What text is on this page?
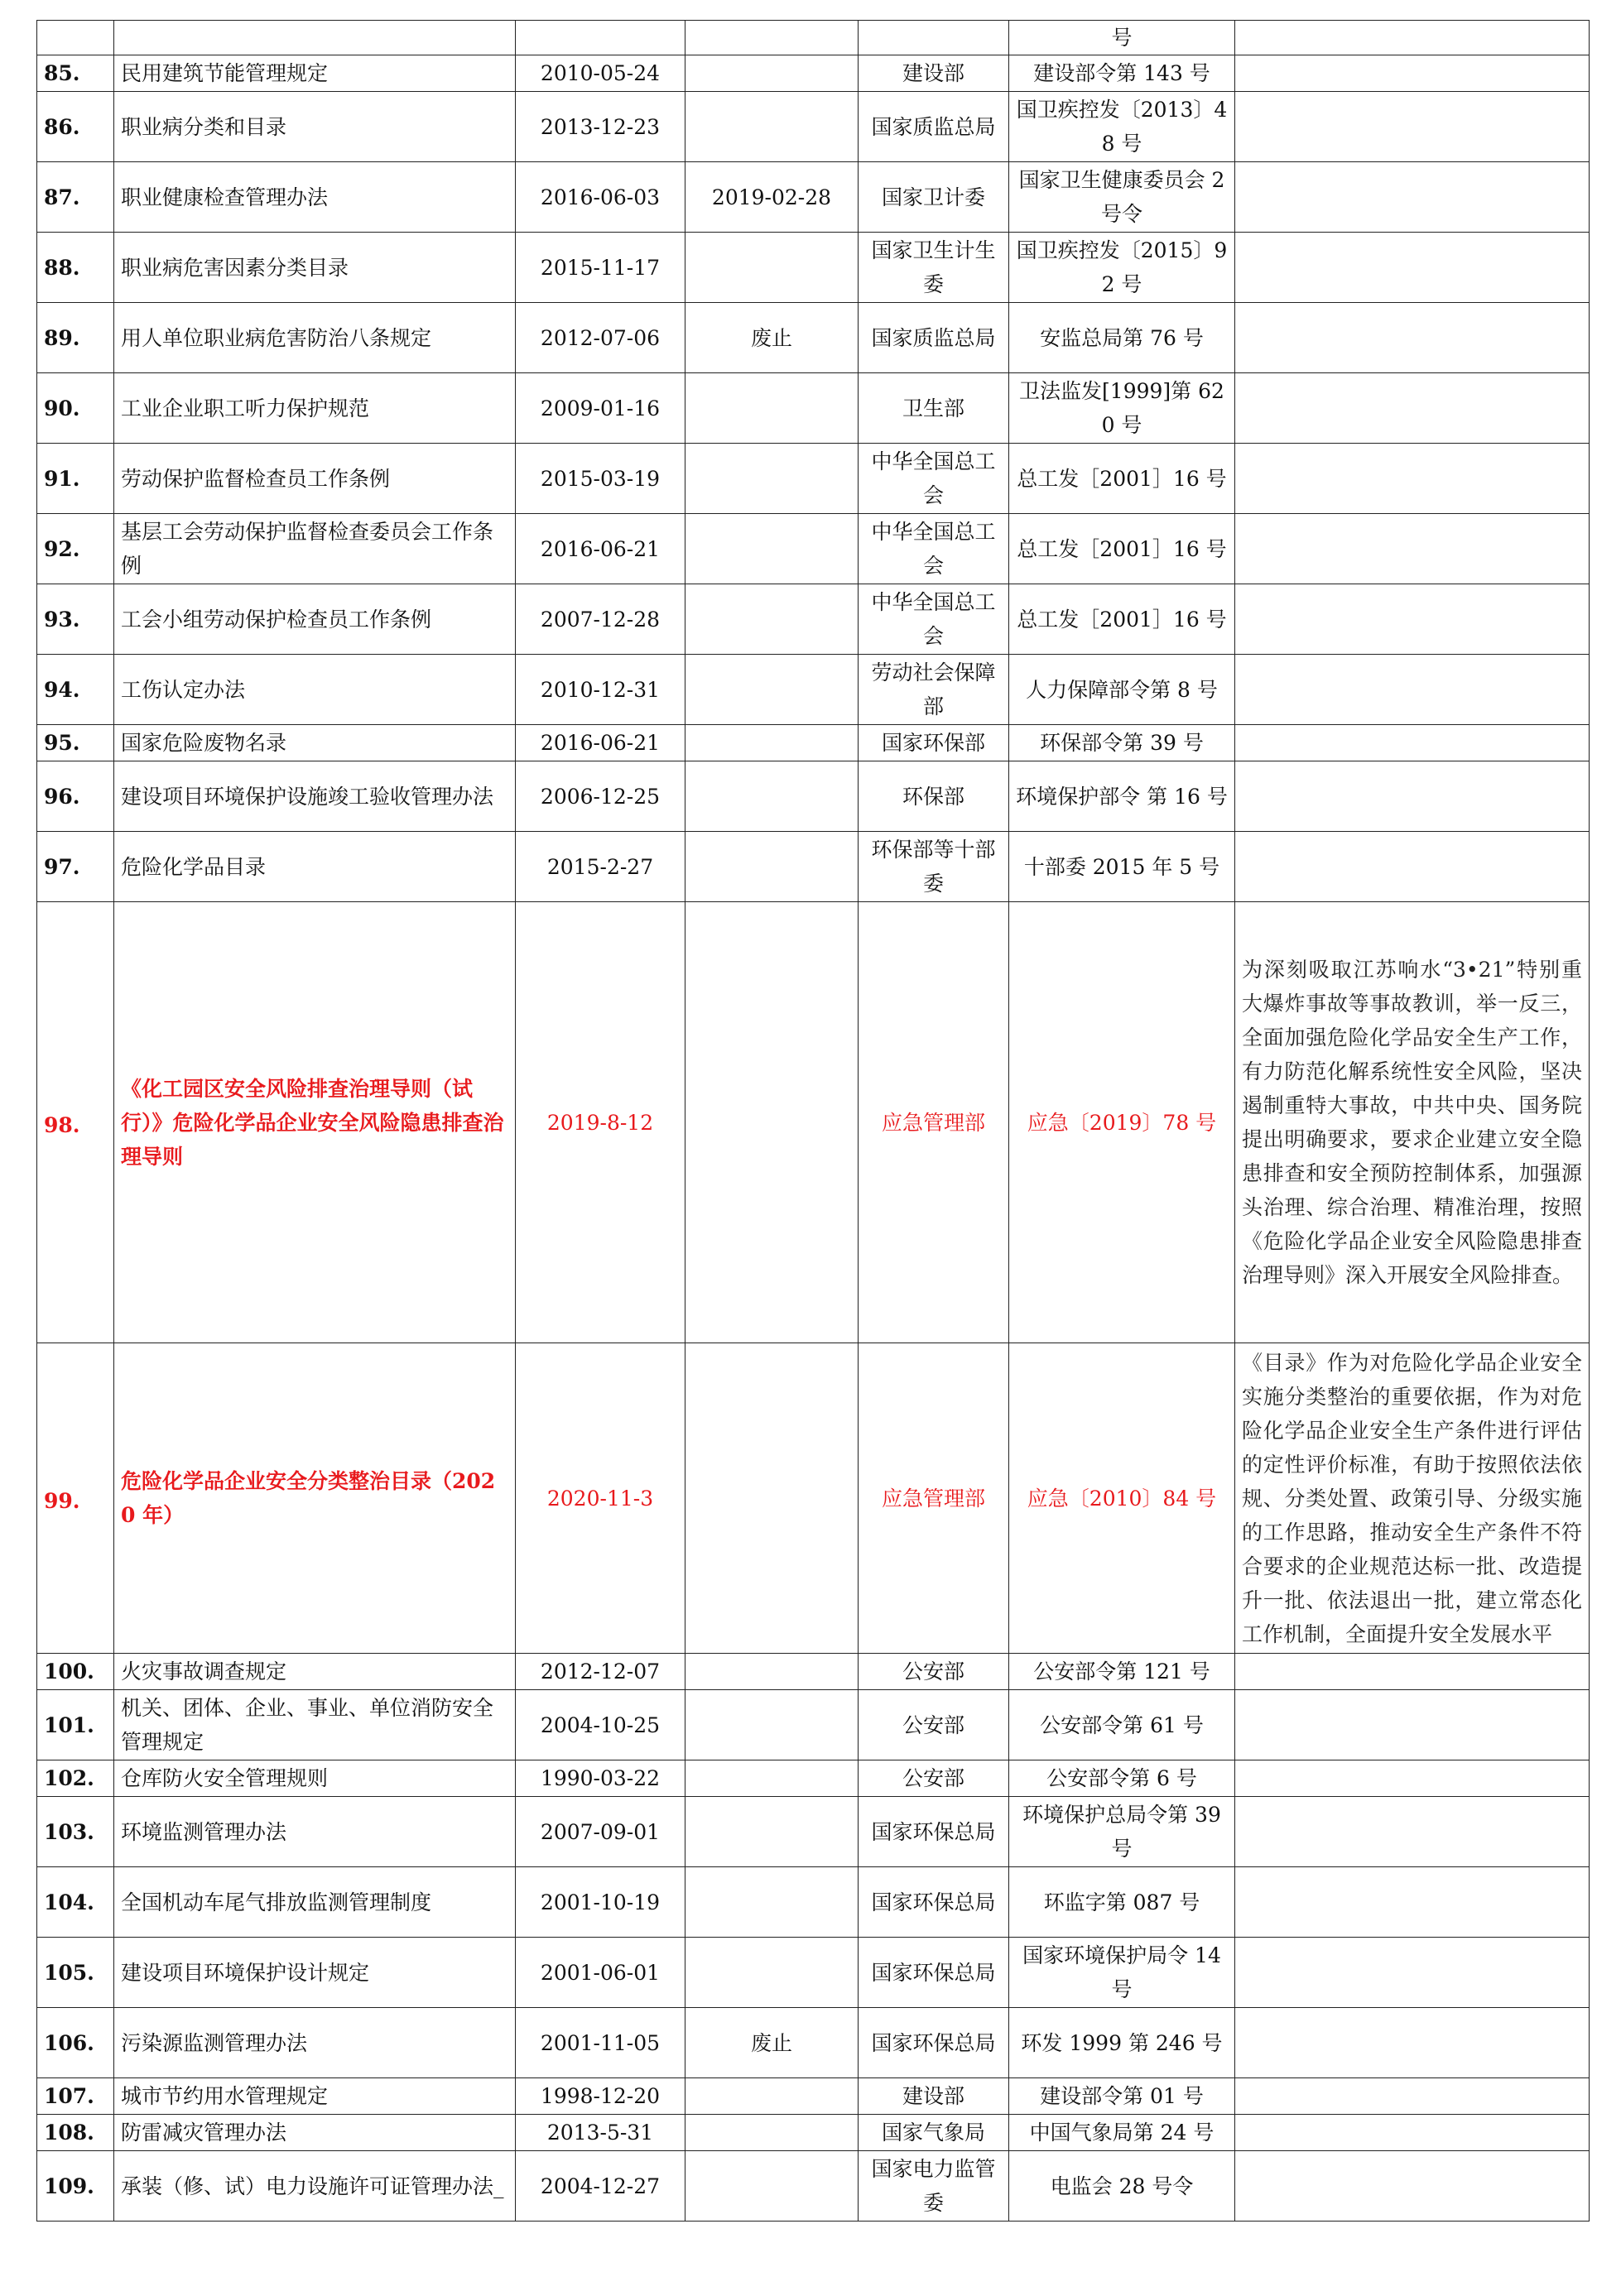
					号	
85.	民用建筑节能管理规定	2010-05-24		建设部	建设部令第 143 号	
86.	职业病分类和目录	2013-12-23		国家质监总局	国卫疾控发〔2013〕48 号	
87.	职业健康检查管理办法	2016-06-03	2019-02-28	国家卫计委	国家卫生健康委员会 2 号令	
88.	职业病危害因素分类目录	2015-11-17		国家卫生计生委	国卫疾控发〔2015〕92 号	
89.	用人单位职业病危害防治八条规定	2012-07-06	废止	国家质监总局	安监总局第 76 号	
90.	工业企业职工听力保护规范	2009-01-16		卫生部	卫法监发[1999]第 620 号	
91.	劳动保护监督检查员工作条例	2015-03-19		中华全国总工会	总工发［2001］16 号	
92.	基层工会劳动保护监督检查委员会工作条例	2016-06-21		中华全国总工会	总工发［2001］16 号	
93.	工会小组劳动保护检查员工作条例	2007-12-28		中华全国总工会	总工发［2001］16 号	
94.	工伤认定办法	2010-12-31		劳动社会保障部	人力保障部令第 8 号	
95.	国家危险废物名录	2016-06-21		国家环保部	环保部令第 39 号	
96.	建设项目环境保护设施竣工验收管理办法	2006-12-25		环保部	环境保护部令 第 16 号	
97.	危险化学品目录	2015-2-27		环保部等十部委	十部委 2015 年 5 号	
98.	《化工园区安全风险排查治理导则（试行）》危险化学品企业安全风险隐患排查治理导则	2019-8-12		应急管理部	应急〔2019〕78 号	为深刻吸取江苏响水“3•21”特别重大爆炸事故等事故教训，举一反三，全面加强危险化学品安全生产工作，有力防范化解系统性安全风险，坚决遏制重特大事故，中共中央、国务院提出明确要求，要求企业建立安全隐患排查和安全预防控制体系，加强源头治理、综合治理、精准治理，按照《危险化学品企业安全风险隐患排查治理导则》深入开展安全风险排查。
99.	危险化学品企业安全分类整治目录（2020 年）	2020-11-3		应急管理部	应急〔2010〕84 号	《目录》作为对危险化学品企业安全实施分类整治的重要依据，作为对危险化学品企业安全生产条件进行评估的定性评价标准，有助于按照依法依规、分类处置、政策引导、分级实施的工作思路，推动安全生产条件不符合要求的企业规范达标一批、改造提升一批、依法退出一批，建立常态化工作机制，全面提升安全发展水平
100.	火灾事故调查规定	2012-12-07		公安部	公安部令第 121 号	
101.	机关、团体、企业、事业、单位消防安全管理规定	2004-10-25		公安部	公安部令第 61 号	
102.	仓库防火安全管理规则	1990-03-22		公安部	公安部令第 6 号	
103.	环境监测管理办法	2007-09-01		国家环保总局	环境保护总局令第 39 号	
104.	全国机动车尾气排放监测管理制度	2001-10-19		国家环保总局	环监字第 087 号	
105.	建设项目环境保护设计规定	2001-06-01		国家环保总局	国家环境保护局令 14 号	
106.	污染源监测管理办法	2001-11-05	废止	国家环保总局	环发 1999 第 246 号	
107.	城市节约用水管理规定	1998-12-20		建设部	建设部令第 01 号	
108.	防雷减灾管理办法	2013-5-31		国家气象局	中国气象局第 24 号	
109.	承装（修、试）电力设施许可证管理办法_	2004-12-27		国家电力监管委	电监会 28 号令	
